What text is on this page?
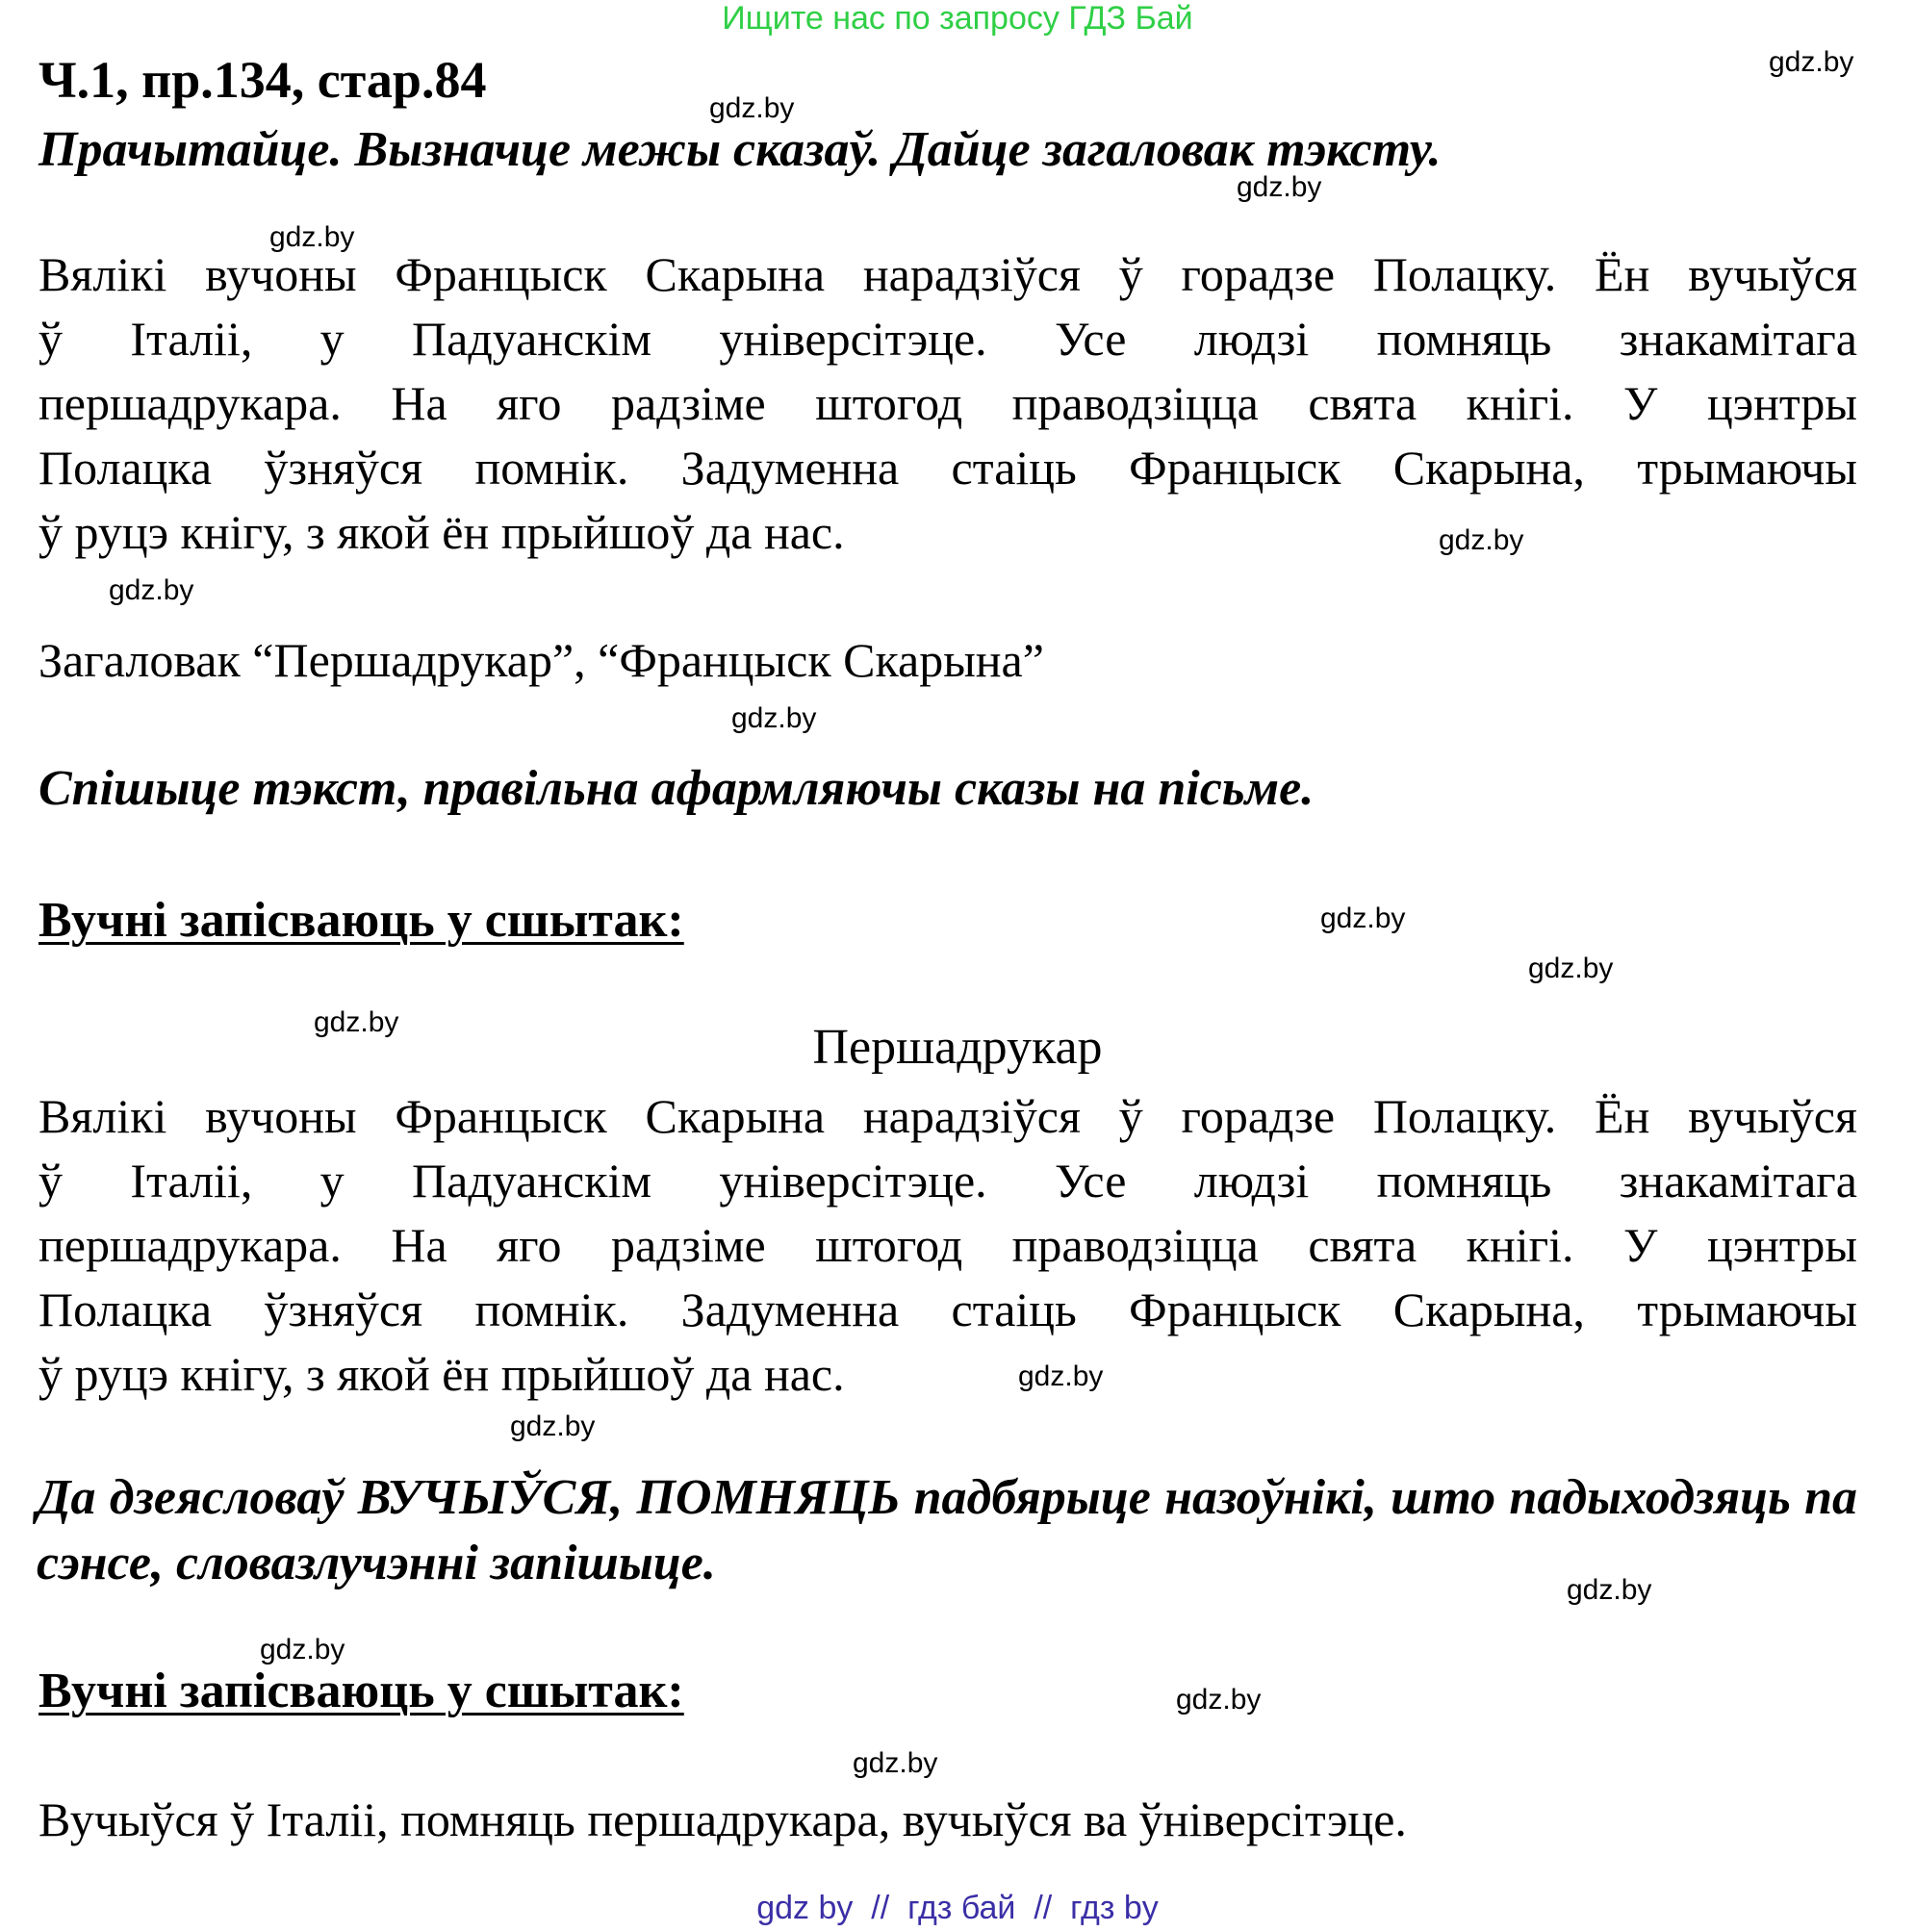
Ищите нас по запросу ГДЗ Бай
Ч.1, пр.134, стар.84
Прачытайце. Вызначце межы сказаў. Дайце загаловак тэксту.
Вялікі вучоны Францыск Скарына нарадзіўся ў горадзе Полацку. Ён вучыўся
ў Італіі, у Падуанскім універсітэце. Усе людзі помняць знакамітага
першадрукара. На яго радзіме штогод праводзіцца свята кнігі. У цэнтры
Полацка ўзняўся помнік. Задуменна стаіць Францыск Скарына, трымаючы
ў руцэ кнігу, з якой ён прыйшоў да нас.
Загаловак “Першадрукар”, “Францыск Скарына”
Спішыце тэкст, правільна афармляючы сказы на пісьме.
Вучні запісваюць у сшытак:
Першадрукар
Вялікі вучоны Францыск Скарына нарадзіўся ў горадзе Полацку. Ён вучыўся
ў Італіі, у Падуанскім універсітэце. Усе людзі помняць знакамітага
першадрукара. На яго радзіме штогод праводзіцца свята кнігі. У цэнтры
Полацка ўзняўся помнік. Задуменна стаіць Францыск Скарына, трымаючы
ў руцэ кнігу, з якой ён прыйшоў да нас.
Да дзеясловаў ВУЧЫЎСЯ, ПОМНЯЦЬ падбярыце назоўнікі, што падыходзяць па сэнсе, словазлучэнні запішыце.
Вучні запісваюць у сшытак:
Вучыўся ў Італіі, помняць першадрукара, вучыўся ва ўніверсітэце.
gdz.by
gdz.by
gdz.by
gdz.by
gdz.by
gdz.by
gdz.by
gdz.by
gdz.by
gdz.by
gdz.by
gdz.by
gdz.by
gdz.by
gdz.by
gdz.by
gdz by  //  гдз бай  //  гдз by
